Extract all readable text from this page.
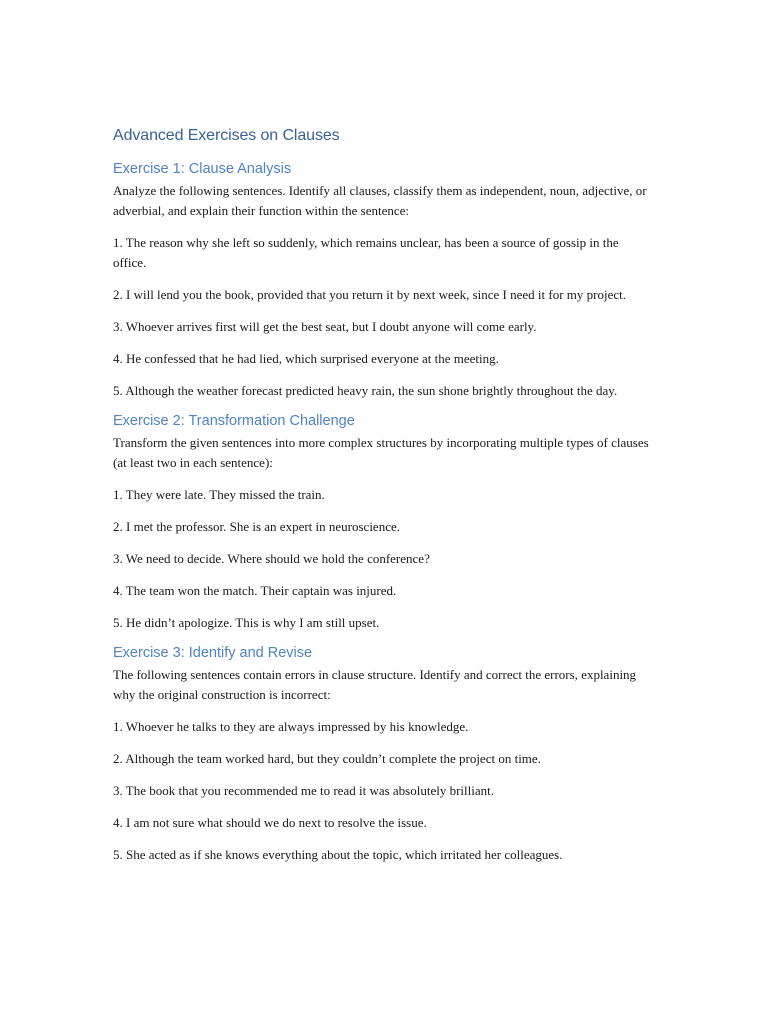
Advanced Exercises on Clauses
Exercise 1: Clause Analysis

Analyze the following sentences. Identify all clauses, classify them as independent, noun, adjective, or adverbial, and explain their function within the sentence:

1. The reason why she left so suddenly, which remains unclear, has been a source of gossip in the office.

2. I will lend you the book, provided that you return it by next week, since I need it for my project.

3. Whoever arrives first will get the best seat, but I doubt anyone will come early.

4. He confessed that he had lied, which surprised everyone at the meeting.

5. Although the weather forecast predicted heavy rain, the sun shone brightly throughout the day.

Exercise 2: Transformation Challenge

Transform the given sentences into more complex structures by incorporating multiple types of clauses (at least two in each sentence):

1. They were late. They missed the train.

2. I met the professor. She is an expert in neuroscience.

3. We need to decide. Where should we hold the conference?

4. The team won the match. Their captain was injured.

5. He didn’t apologize. This is why I am still upset.

Exercise 3: Identify and Revise

The following sentences contain errors in clause structure. Identify and correct the errors, explaining why the original construction is incorrect:

1. Whoever he talks to they are always impressed by his knowledge.

2. Although the team worked hard, but they couldn’t complete the project on time.

3. The book that you recommended me to read it was absolutely brilliant.

4. I am not sure what should we do next to resolve the issue.

5. She acted as if she knows everything about the topic, which irritated her colleagues.
